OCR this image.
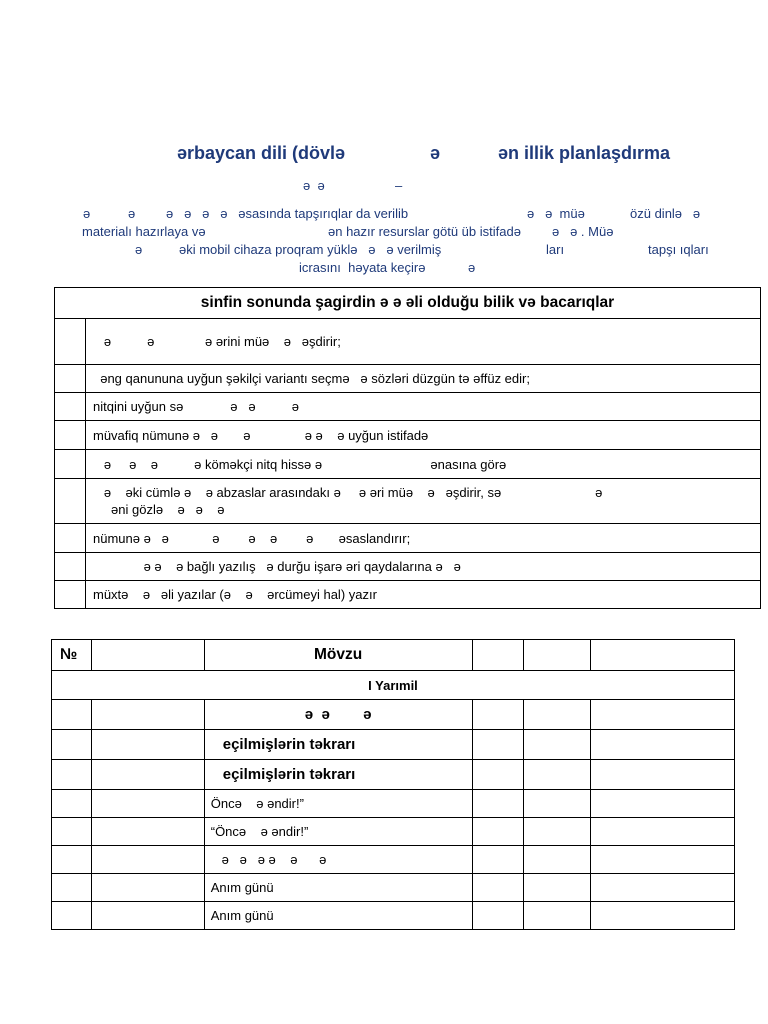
ərbaycan dili (dövlə	ə	ən illik planlaşdırma
ə  ə	–
ə	ə ə   ə   ə   ə   əsasında tapşırıqlar da verilib	ə   ə  müə	özü dinlə   ə
materialı hazırlaya və	ən hazır resurslar götü üb istifadə ə   ə . Müə
ə	əki mobil cihaza proqram yüklə   ə   ə verilmiş	ları	tapşı ıqları
icrasını  həyata keçirə	ə
sinfin sonunda şagirdin ə ə əli olduğu bilik və bacarıqlar	
	ə          ə              ə ərini müə    ə   əşdirir;
	əng qanununa uyğun şəkilçi variantı seçmə   ə sözləri düzgün tə əffüz edir;
	nitqini uyğun sə             ə   ə          ə
	müvafiq nümunə ə   ə       ə               ə ə    ə uyğun istifadə
	ə     ə    ə          ə köməkçi nitq hissə ə                              ənasına görə

	ə    əki cümlə ə    ə abzaslar arasındakı ə     ə əri müə    ə   əşdirir, sə                          ə
əni gözlə    ə   ə    ə

	nümunə ə   ə            ə        ə    ə        ə       əsaslandırır;
	ə ə    ə bağlı yazılış   ə durğu işarə əri qaydalarına ə   ə
	müxtə    ə   əli yazılar (ə    ə    ərcümeyi hal) yazır
№		Mövzu			
I Yarımil					
		ə  ə        ə			
		eçilmişlərin təkrarı			
		eçilmişlərin təkrarı			
		Öncə    ə əndir!”			
		“Öncə    ə əndir!”			
		ə   ə   ə ə    ə      ə			
		Anım günü			
		Anım günü			
